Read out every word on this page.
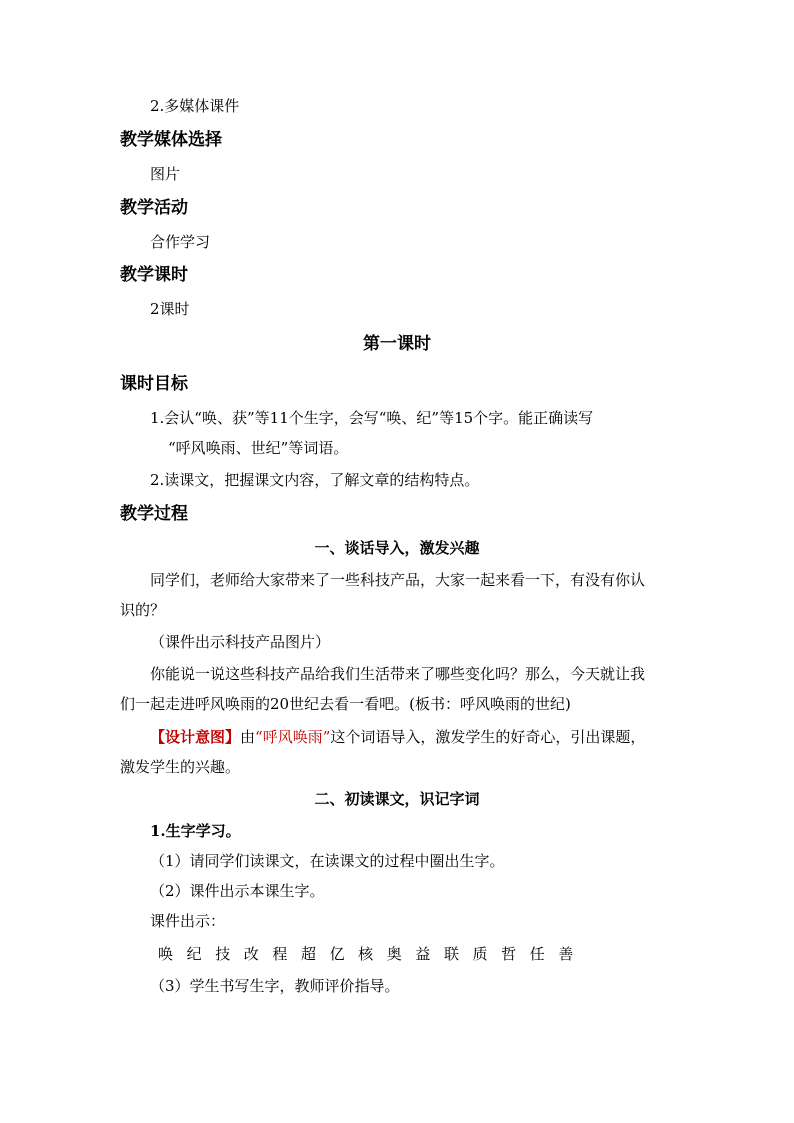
2.多媒体课件
教学媒体选择
图片
教学活动
合作学习
教学课时
2课时
第一课时
课时目标
1.会认“唤、获”等11个生字，会写“唤、纪”等15个字。能正确读写
“呼风唤雨、世纪”等词语。
2.读课文，把握课文内容，了解文章的结构特点。
教学过程
一、谈话导入，激发兴趣
同学们，老师给大家带来了一些科技产品，大家一起来看一下，有没有你认
识的？
（课件出示科技产品图片）
你能说一说这些科技产品给我们生活带来了哪些变化吗？那么，今天就让我
们一起走进呼风唤雨的20世纪去看一看吧。(板书：呼风唤雨的世纪)
【设计意图】由“呼风唤雨”这个词语导入，激发学生的好奇心，引出课题，
激发学生的兴趣。
二、初读课文，识记字词
1.生字学习。
（1）请同学们读课文，在读课文的过程中圈出生字。
（2）课件出示本课生字。
课件出示：
唤 纪 技 改 程 超 亿 核 奥 益 联 质 哲 任 善
（3）学生书写生字，教师评价指导。
